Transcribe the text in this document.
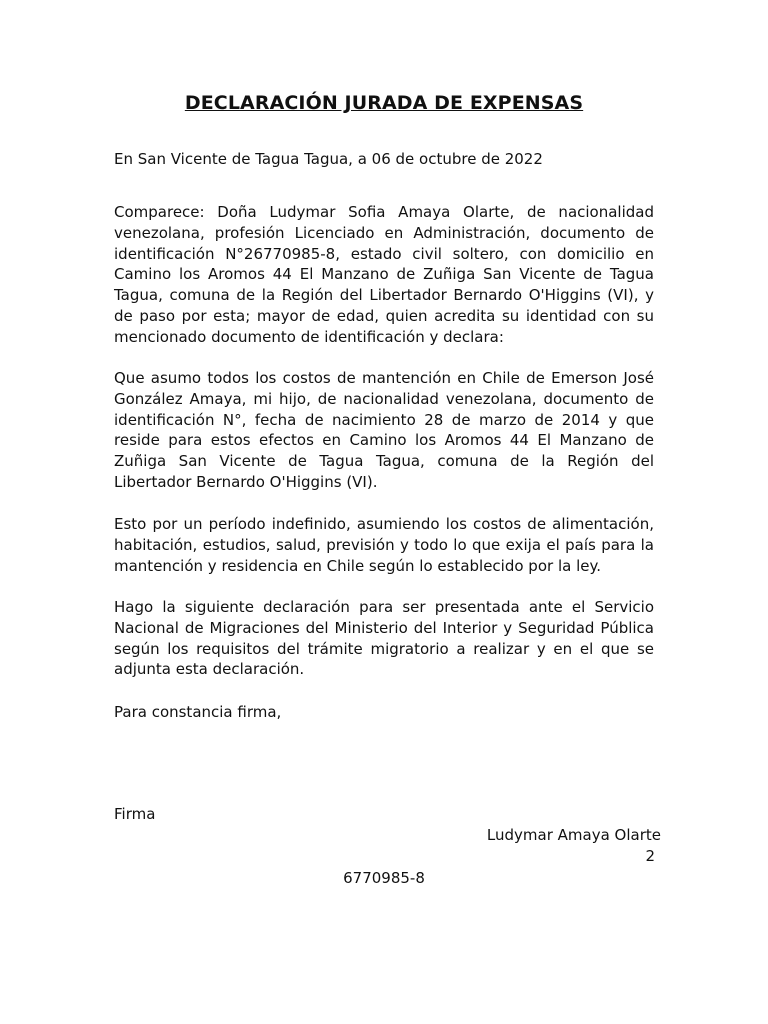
DECLARACIÓN JURADA DE EXPENSAS

En San Vicente de Tagua Tagua, a 06 de octubre de 2022

Comparece: Doña Ludymar Sofia Amaya Olarte, de nacionalidad venezolana, profesión Licenciado en Administración, documento de identificación N°26770985-8, estado civil soltero, con domicilio en Camino los Aromos 44 El Manzano de Zuñiga San Vicente de Tagua Tagua, comuna de la Región del Libertador Bernardo O'Higgins (VI), y de paso por esta; mayor de edad, quien acredita su identidad con su mencionado documento de identificación y declara:

Que asumo todos los costos de mantención en Chile de Emerson José González Amaya, mi hijo, de nacionalidad venezolana, documento de identificación N°, fecha de nacimiento 28 de marzo de 2014 y que reside para estos efectos en Camino los Aromos 44 El Manzano de Zuñiga San Vicente de Tagua Tagua, comuna de la Región del Libertador Bernardo O'Higgins (VI).

Esto por un período indefinido, asumiendo los costos de alimentación, habitación, estudios, salud, previsión y todo lo que exija el país para la mantención y residencia en Chile según lo establecido por la ley.

Hago la siguiente declaración para ser presentada ante el Servicio Nacional de Migraciones del Ministerio del Interior y Seguridad Pública según los requisitos del trámite migratorio a realizar y en el que se adjunta esta declaración.

Para constancia firma,

Firma
Ludymar Amaya Olarte
2
6770985-8
